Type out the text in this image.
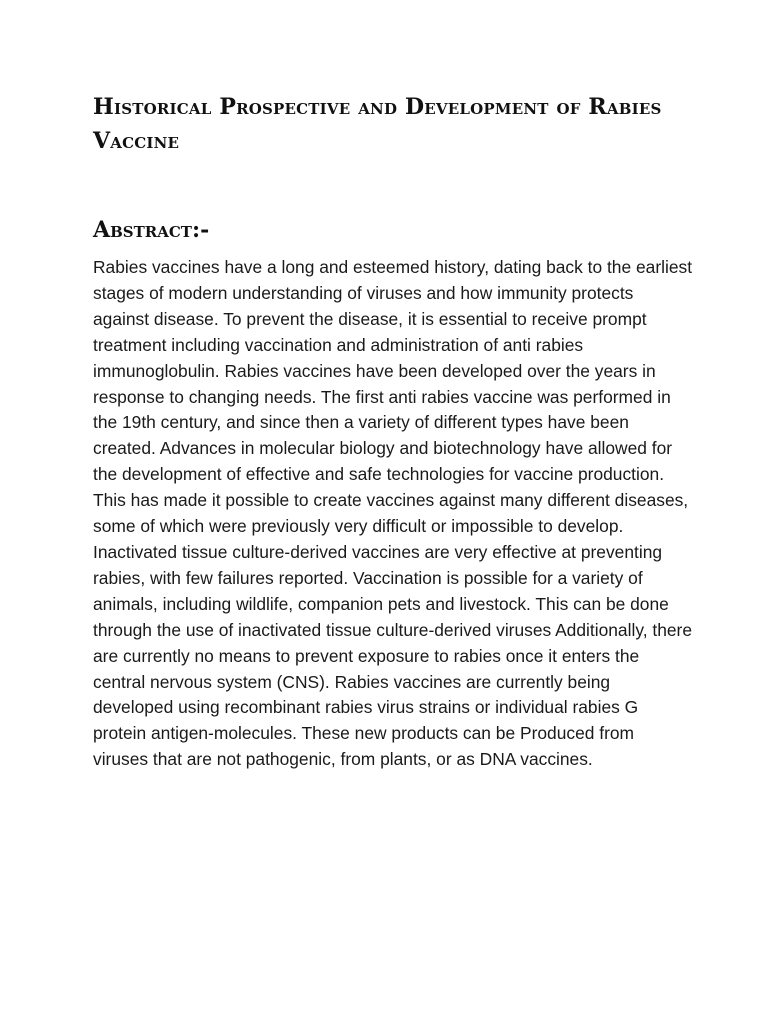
Historical Prospective and Development of Rabies Vaccine
Abstract:-

Rabies vaccines have a long and esteemed history, dating back to the earliest stages of modern understanding of viruses and how immunity protects against disease. To prevent the disease, it is essential to receive prompt treatment including vaccination and administration of anti rabies immunoglobulin. Rabies vaccines have been developed over the years in response to changing needs. The first anti rabies vaccine was performed in the 19th century, and since then a variety of different types have been created. Advances in molecular biology and biotechnology have allowed for the development of effective and safe technologies for vaccine production. This has made it possible to create vaccines against many different diseases, some of which were previously very difficult or impossible to develop. Inactivated tissue culture-derived vaccines are very effective at preventing rabies, with few failures reported. Vaccination is possible for a variety of animals, including wildlife, companion pets and livestock. This can be done through the use of inactivated tissue culture-derived viruses Additionally, there are currently no means to prevent exposure to rabies once it enters the central nervous system (CNS). Rabies vaccines are currently being developed using recombinant rabies virus strains or individual rabies G protein antigen-molecules. These new products can be Produced from viruses that are not pathogenic, from plants, or as DNA vaccines.
